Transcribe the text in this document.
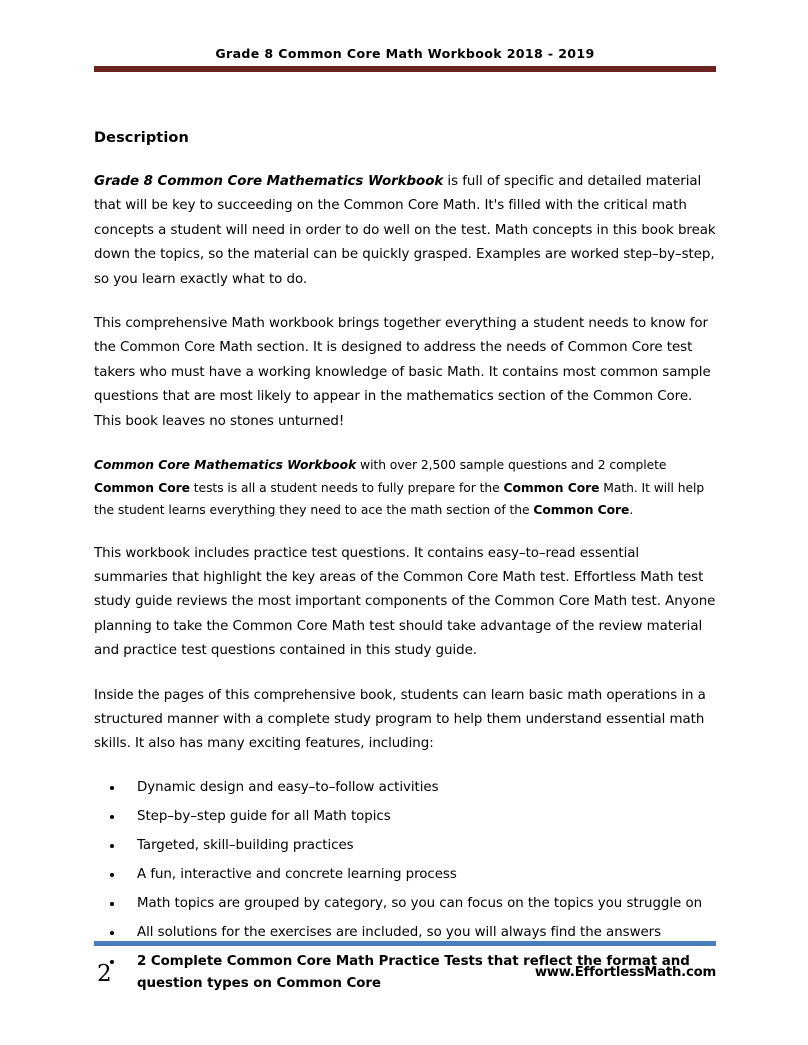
Grade 8 Common Core Math Workbook 2018 - 2019
Description

Grade 8 Common Core Mathematics Workbook is full of specific and detailed material that will be key to succeeding on the Common Core Math. It's filled with the critical math concepts a student will need in order to do well on the test. Math concepts in this book break down the topics, so the material can be quickly grasped. Examples are worked step–by–step, so you learn exactly what to do.

This comprehensive Math workbook brings together everything a student needs to know for the Common Core Math section. It is designed to address the needs of Common Core test takers who must have a working knowledge of basic Math. It contains most common sample questions that are most likely to appear in the mathematics section of the Common Core. This book leaves no stones unturned!

Common Core Mathematics Workbook with over 2,500 sample questions and 2 complete Common Core tests is all a student needs to fully prepare for the Common Core Math. It will help the student learns everything they need to ace the math section of the Common Core.

This workbook includes practice test questions. It contains easy–to–read essential summaries that highlight the key areas of the Common Core Math test. Effortless Math test study guide reviews the most important components of the Common Core Math test. Anyone planning to take the Common Core Math test should take advantage of the review material and practice test questions contained in this study guide.

Inside the pages of this comprehensive book, students can learn basic math operations in a structured manner with a complete study program to help them understand essential math skills. It also has many exciting features, including:

Dynamic design and easy–to–follow activities
Step–by–step guide for all Math topics
Targeted, skill–building practices
A fun, interactive and concrete learning process
Math topics are grouped by category, so you can focus on the topics you struggle on
All solutions for the exercises are included, so you will always find the answers
2 Complete Common Core Math Practice Tests that reflect the format and question types on Common Core
2	www.EffortlessMath.com
